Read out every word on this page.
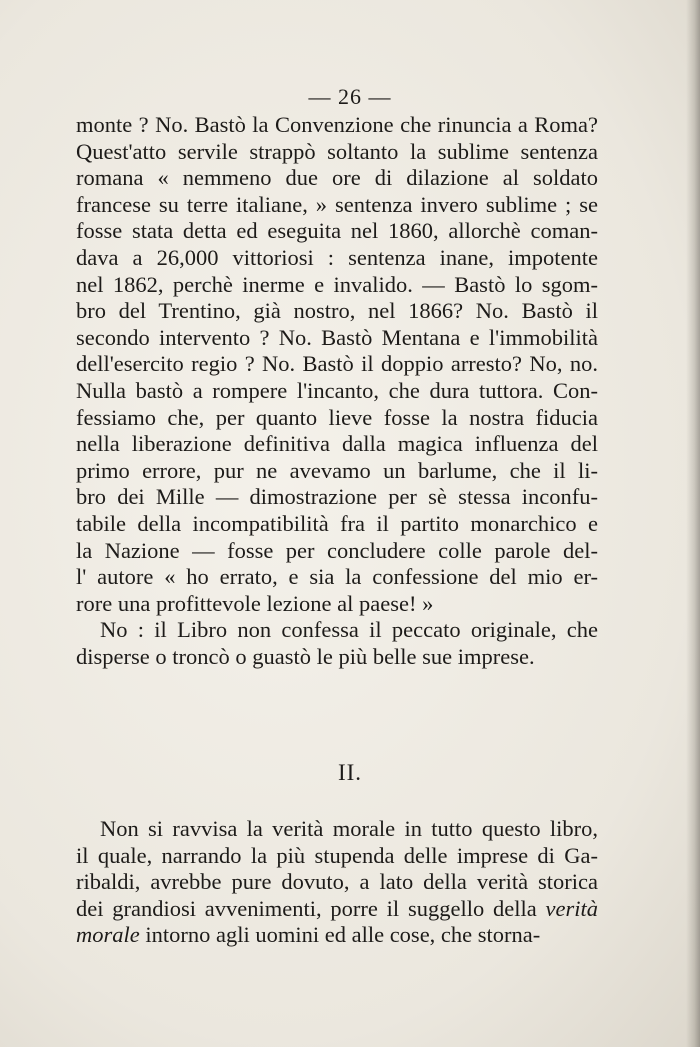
— 26 —
monte ? No. Bastò la Convenzione che rinuncia a Roma?
Quest'atto servile strappò soltanto la sublime sentenza
romana « nemmeno due ore di dilazione al soldato
francese su terre italiane, » sentenza invero sublime ; se
fosse stata detta ed eseguita nel 1860, allorchè coman-
dava a 26,000 vittoriosi : sentenza inane, impotente
nel 1862, perchè inerme e invalido. — Bastò lo sgom-
bro del Trentino, già nostro, nel 1866? No. Bastò il
secondo intervento ? No. Bastò Mentana e l'immobilità
dell'esercito regio ? No. Bastò il doppio arresto? No, no.
Nulla bastò a rompere l'incanto, che dura tuttora. Con-
fessiamo che, per quanto lieve fosse la nostra fiducia
nella liberazione definitiva dalla magica influenza del
primo errore, pur ne avevamo un barlume, che il li-
bro dei Mille — dimostrazione per sè stessa inconfu-
tabile della incompatibilità fra il partito monarchico e
la Nazione — fosse per concludere colle parole del-
l' autore « ho errato, e sia la confessione del mio er-
rore una profittevole lezione al paese! »
No : il Libro non confessa il peccato originale, che
disperse o troncò o guastò le più belle sue imprese.
II.
Non si ravvisa la verità morale in tutto questo libro,
il quale, narrando la più stupenda delle imprese di Ga-
ribaldi, avrebbe pure dovuto, a lato della verità storica
dei grandiosi avvenimenti, porre il suggello della verità
morale intorno agli uomini ed alle cose, che storna-
